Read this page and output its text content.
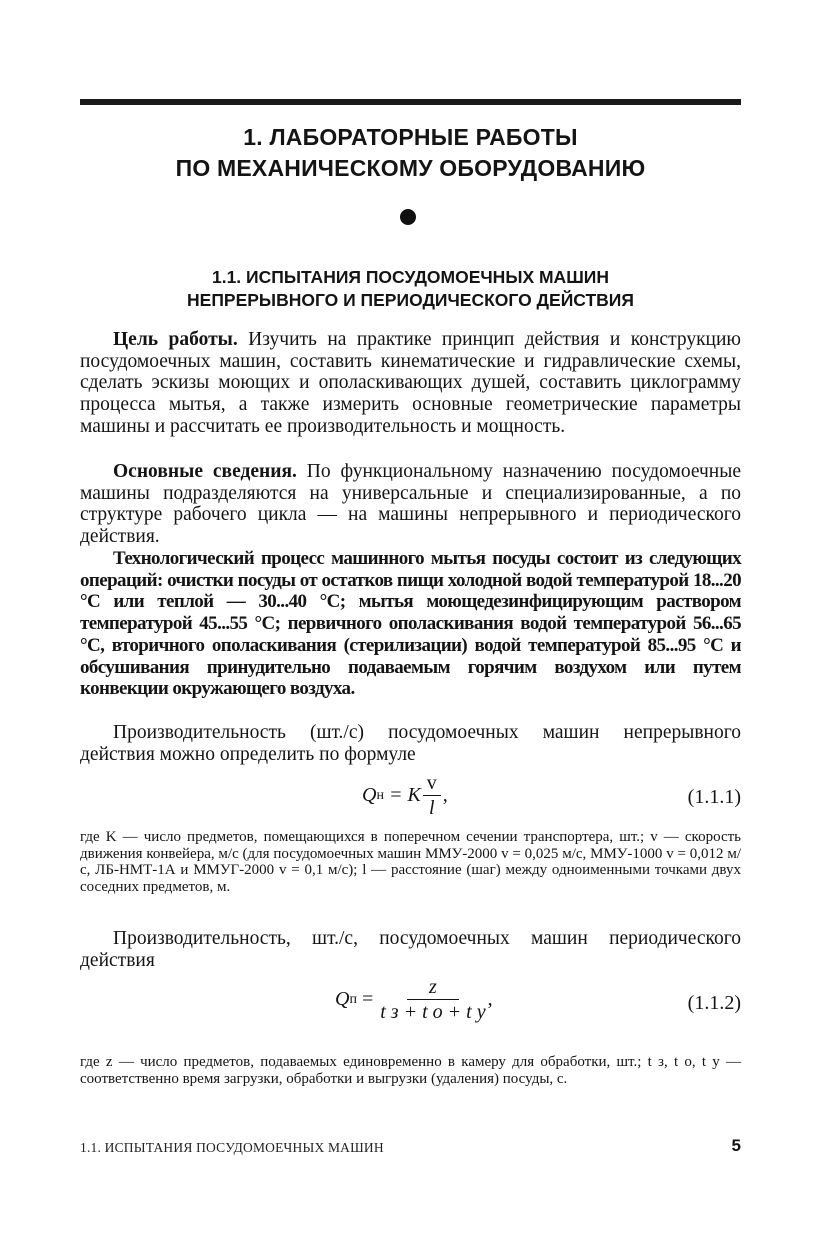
1. ЛАБОРАТОРНЫЕ РАБОТЫ
ПО МЕХАНИЧЕСКОМУ ОБОРУДОВАНИЮ
1.1. ИСПЫТАНИЯ ПОСУДОМОЕЧНЫХ МАШИН
НЕПРЕРЫВНОГО И ПЕРИОДИЧЕСКОГО ДЕЙСТВИЯ

Цель работы. Изучить на практике принцип действия и конструкцию посудомоечных машин, составить кинематические и гидравлические схемы, сделать эскизы моющих и ополаскивающих душей, составить циклограмму процесса мытья, а также измерить основные геометрические параметры машины и рассчитать ее производительность и мощность.

Основные сведения. По функциональному назначению посудомоечные машины подразделяются на универсальные и специализированные, а по структуре рабочего цикла — на машины непрерывного и периодического действия.

Технологический процесс машинного мытья посуды состоит из следующих операций: очистки посуды от остатков пищи холодной водой температурой 18...20 °С или теплой — 30...40 °С; мытья моющедезинфицирующим раствором температурой 45...55 °С; первичного ополаскивания водой температурой 56...65 °С, вторичного ополаскивания (стерилизации) водой температурой 85...95 °С и обсушивания принудительно подаваемым горячим воздухом или путем конвекции окружающего воздуха.

Производительность (шт./с) посудомоечных машин непрерывного действия можно определить по формуле

Q н = K $\frac{v}{l}$ ,	(1.1.1)

где K — число предметов, помещающихся в поперечном сечении транспортера, шт.; v — скорость движения конвейера, м/с (для посудомоечных машин ММУ-2000 v = 0,025 м/с, ММУ-1000 v = 0,012 м/с, ЛБ-НМТ-1А и ММУГ-2000 v = 0,1 м/с); l — расстояние (шаг) между одноименными точками двух соседних предметов, м.

Производительность, шт./с, посудомоечных машин периодического действия

Q $п = \frac{z}{\text{t з + t о + t у}}$ ,	(1.1.2)

где z — число предметов, подаваемых единовременно в камеру для обработки, шт.; t з, t о, t у — соответственно время загрузки, обработки и выгрузки (удаления) посуды, с.

1.1. ИСПЫТАНИЯ ПОСУДОМОЕЧНЫХ МАШИН	5
